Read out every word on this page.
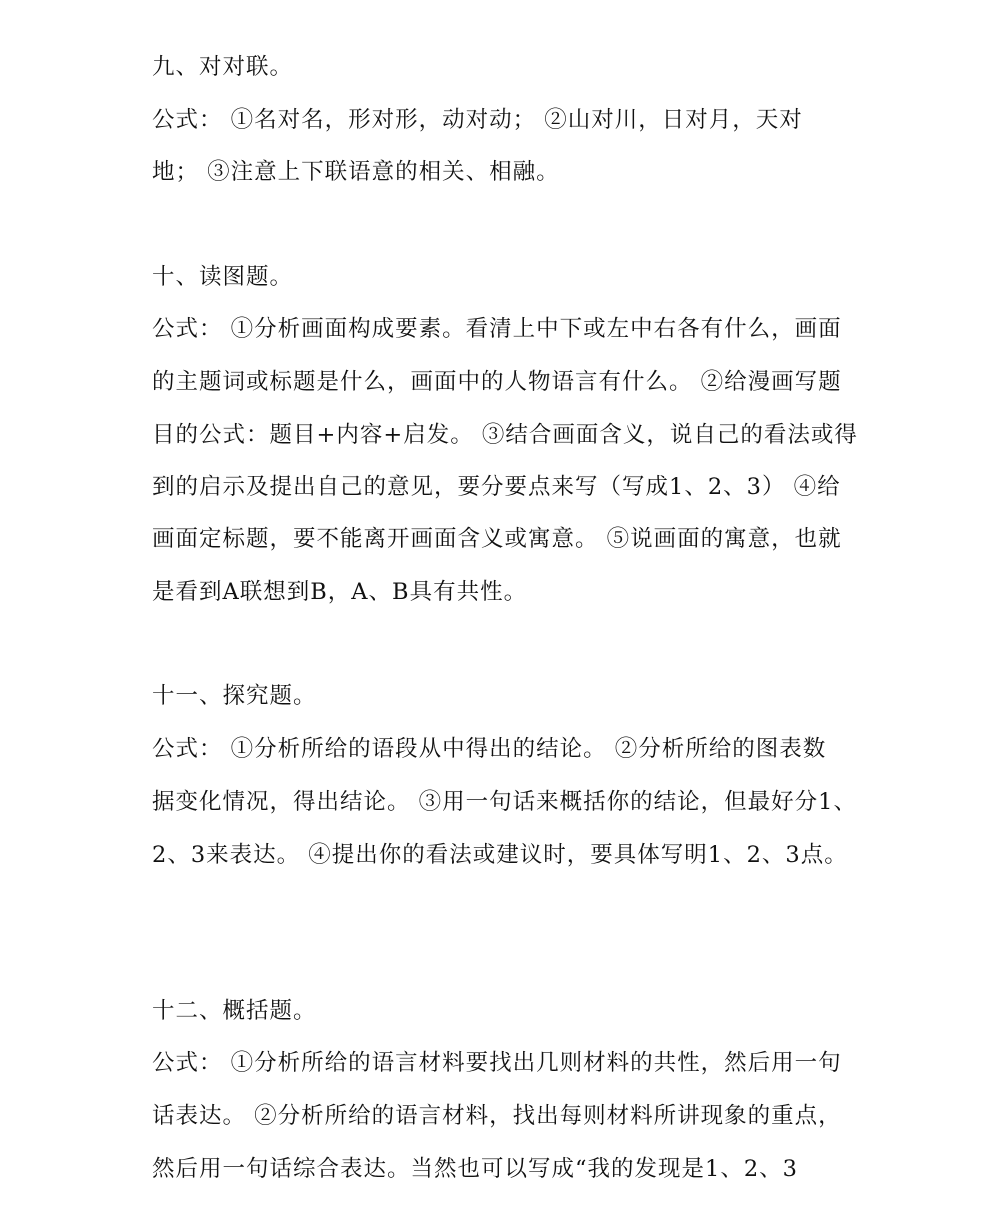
九、对对联。
公式： ①名对名，形对形，动对动； ②山对川，日对月，天对
地； ③注意上下联语意的相关、相融。
十、读图题。
公式： ①分析画面构成要素。看清上中下或左中右各有什么，画面
的主题词或标题是什么，画面中的人物语言有什么。 ②给漫画写题
目的公式：题目+内容+启发。 ③结合画面含义，说自己的看法或得
到的启示及提出自己的意见，要分要点来写（写成1、2、3） ④给
画面定标题，要不能离开画面含义或寓意。 ⑤说画面的寓意，也就
是看到A联想到B，A、B具有共性。
十一、探究题。
公式： ①分析所给的语段从中得出的结论。 ②分析所给的图表数
据变化情况，得出结论。 ③用一句话来概括你的结论，但最好分1、
2、3来表达。 ④提出你的看法或建议时，要具体写明1、2、3点。
十二、概括题。
公式： ①分析所给的语言材料要找出几则材料的共性，然后用一句
话表达。 ②分析所给的语言材料，找出每则材料所讲现象的重点，
然后用一句话综合表达。当然也可以写成“我的发现是1、2、3
